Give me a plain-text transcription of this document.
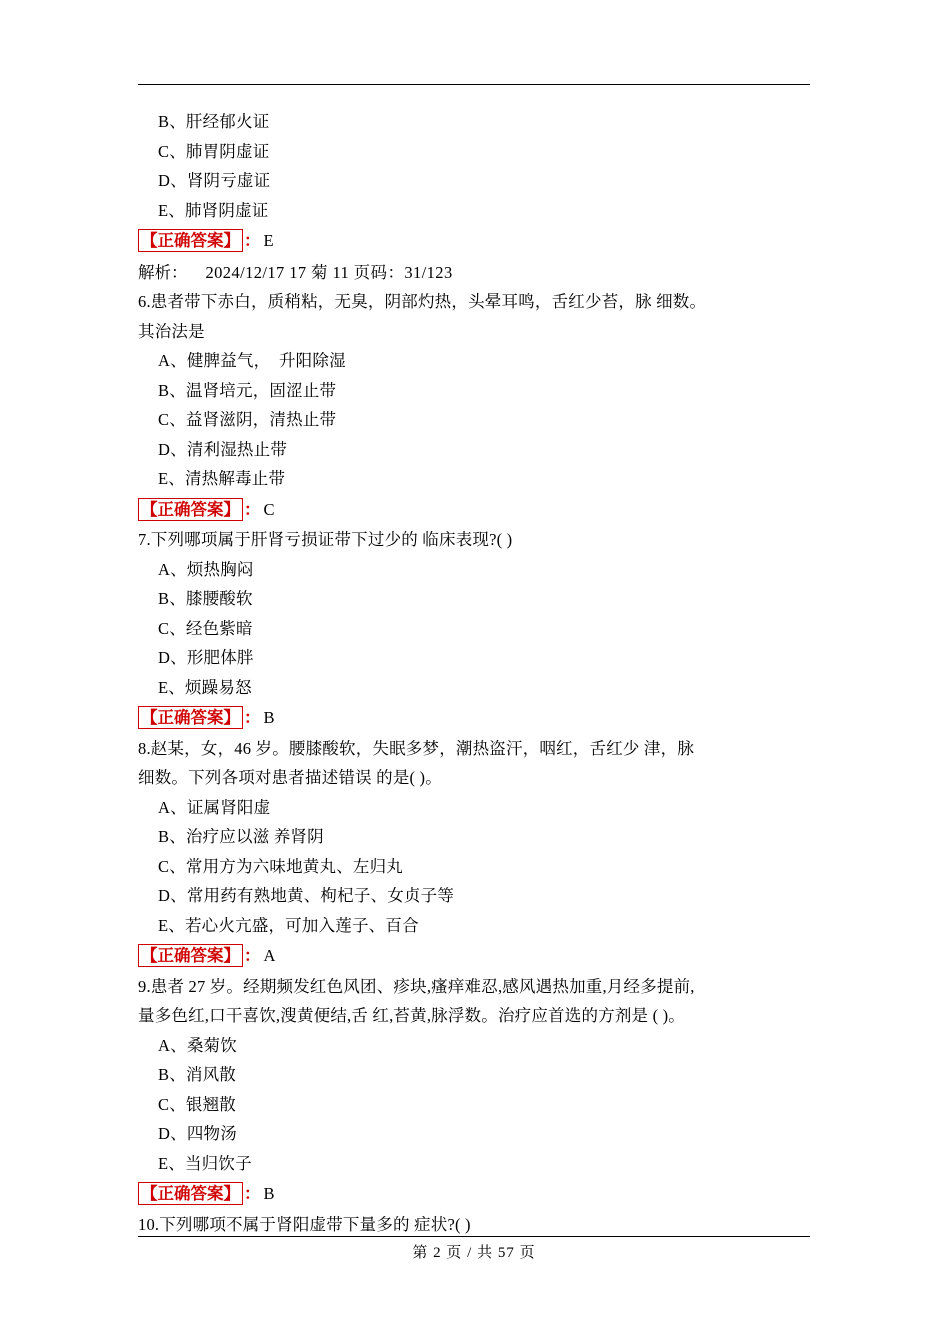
B、肝经郁火证
C、肺胃阴虚证
D、肾阴亏虚证
E、肺肾阴虚证
【正确答案】 ： E
解析： 2024/12/17 17 菊 11 页码：31/123
6.患者带下赤白，质稍粘，无臭，阴部灼热，头晕耳鸣，舌红少苔，脉 细数。
其治法是
A、健脾益气，  升阳除湿
B、温肾培元，固涩止带
C、益肾滋阴，清热止带
D、清利湿热止带
E、清热解毒止带
【正确答案】 ： C
7.下列哪项属于肝肾亏损证带下过少的 临床表现?( )
A、烦热胸闷
B、膝腰酸软
C、经色紫暗
D、形肥体胖
E、烦躁易怒
【正确答案】 ： B
8.赵某，女，46 岁。腰膝酸软，失眠多梦，潮热盗汗，咽红，舌红少 津，脉
细数。下列各项对患者描述错误 的是( )。
A、证属肾阳虚
B、治疗应以滋 养肾阴
C、常用方为六味地黄丸、左归丸
D、常用药有熟地黄、枸杞子、女贞子等
E、若心火亢盛，可加入莲子、百合
【正确答案】 ： A
9.患者 27 岁。经期频发红色风团、疹块,瘙痒难忍,感风遇热加重,月经多提前,
量多色红,口干喜饮,溲黄便结,舌 红,苔黄,脉浮数。治疗应首选的方剂是 ( )。
A、桑菊饮
B、消风散
C、银翘散
D、四物汤
E、当归饮子
【正确答案】 ： B
10.下列哪项不属于肾阳虚带下量多的 症状?( )
第 2 页 / 共 57 页
